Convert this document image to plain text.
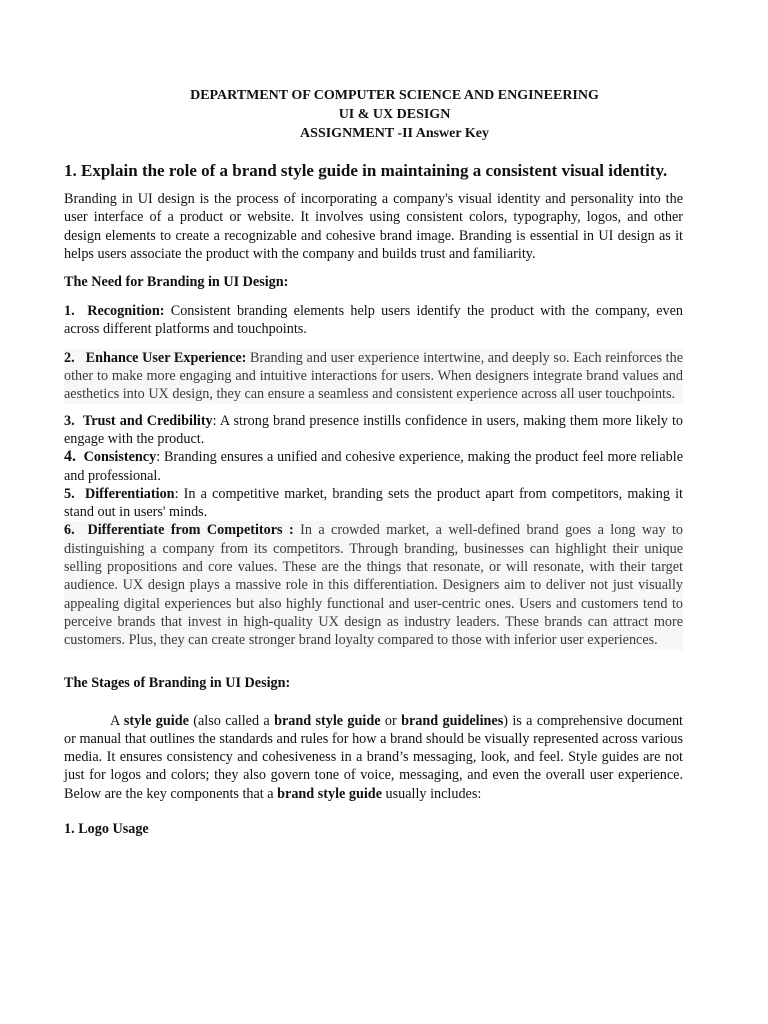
DEPARTMENT OF COMPUTER SCIENCE AND ENGINEERING
UI & UX DESIGN
ASSIGNMENT -II Answer Key
1. Explain the role of a brand style guide in maintaining a consistent visual identity.

Branding in UI design is the process of incorporating a company's visual identity and personality into the user interface of a product or website. It involves using consistent colors, typography, logos, and other design elements to create a recognizable and cohesive brand image. Branding is essential in UI design as it helps users associate the product with the company and builds trust and familiarity.

The Need for Branding in UI Design:

1. Recognition: Consistent branding elements help users identify the product with the company, even across different platforms and touchpoints.

2. Enhance User Experience: Branding and user experience intertwine, and deeply so. Each reinforces the other to make more engaging and intuitive interactions for users. When designers integrate brand values and aesthetics into UX design, they can ensure a seamless and consistent experience across all user touchpoints.

3. Trust and Credibility: A strong brand presence instills confidence in users, making them more likely to engage with the product.

4. Consistency: Branding ensures a unified and cohesive experience, making the product feel more reliable and professional.

5. Differentiation: In a competitive market, branding sets the product apart from competitors, making it stand out in users' minds.

6. Differentiate from Competitors : In a crowded market, a well-defined brand goes a long way to distinguishing a company from its competitors. Through branding, businesses can highlight their unique selling propositions and core values. These are the things that resonate, or will resonate, with their target audience. UX design plays a massive role in this differentiation. Designers aim to deliver not just visually appealing digital experiences but also highly functional and user-centric ones. Users and customers tend to perceive brands that invest in high-quality UX design as industry leaders. These brands can attract more customers. Plus, they can create stronger brand loyalty compared to those with inferior user experiences.

The Stages of Branding in UI Design:

A style guide (also called a brand style guide or brand guidelines) is a comprehensive document or manual that outlines the standards and rules for how a brand should be visually represented across various media. It ensures consistency and cohesiveness in a brand’s messaging, look, and feel. Style guides are not just for logos and colors; they also govern tone of voice, messaging, and even the overall user experience. Below are the key components that a brand style guide usually includes:

1. Logo Usage
